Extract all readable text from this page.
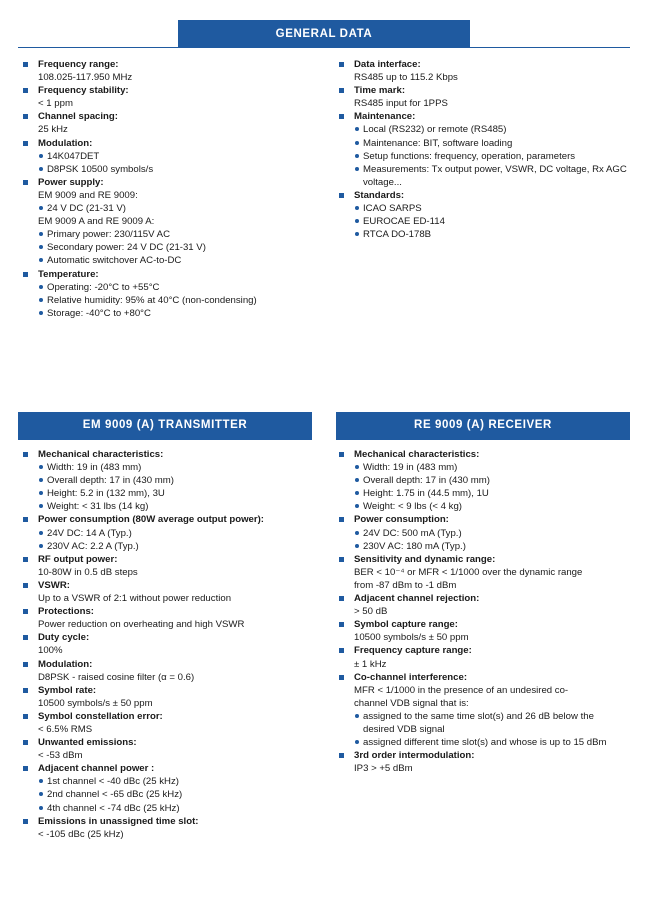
GENERAL DATA
Frequency range:
108.025-117.950 MHz
Frequency stability:
< 1 ppm
Channel spacing:
25 kHz
Modulation:
14K047DET
D8PSK 10500 symbols/s
Power supply:
EM 9009 and RE 9009:
24 V DC (21-31 V)
EM 9009 A and RE 9009 A:
Primary power: 230/115V AC
Secondary power: 24 V DC (21-31 V)
Automatic switchover AC-to-DC
Temperature:
Operating: -20°C to +55°C
Relative humidity: 95% at 40°C (non-condensing)
Storage: -40°C to +80°C
Data interface:
RS485 up to 115.2 Kbps
Time mark:
RS485 input for 1PPS
Maintenance:
Local (RS232) or remote (RS485)
Maintenance: BIT, software loading
Setup functions: frequency, operation, parameters
Measurements: Tx output power, VSWR, DC voltage, Rx AGC voltage...
Standards:
ICAO SARPS
EUROCAE ED-114
RTCA DO-178B
EM 9009 (A) TRANSMITTER
Mechanical characteristics:
Width: 19 in (483 mm)
Overall depth: 17 in (430 mm)
Height: 5.2 in (132 mm), 3U
Weight: < 31 lbs (14 kg)
Power consumption (80W average output power):
24V DC: 14 A (Typ.)
230V AC: 2.2 A (Typ.)
RF output power:
10-80W in 0.5 dB steps
VSWR:
Up to a VSWR of 2:1 without power reduction
Protections:
Power reduction on overheating and high VSWR
Duty cycle:
100%
Modulation:
D8PSK - raised cosine filter (α = 0.6)
Symbol rate:
10500 symbols/s ± 50 ppm
Symbol constellation error:
< 6.5% RMS
Unwanted emissions:
< -53 dBm
Adjacent channel power :
1st channel < -40 dBc (25 kHz)
2nd channel < -65 dBc (25 kHz)
4th channel < -74 dBc (25 kHz)
Emissions in unassigned time slot:
< -105 dBc (25 kHz)
RE 9009 (A) RECEIVER
Mechanical characteristics:
Width: 19 in (483 mm)
Overall depth: 17 in (430 mm)
Height: 1.75 in (44.5 mm), 1U
Weight: < 9 lbs (< 4 kg)
Power consumption:
24V DC: 500 mA (Typ.)
230V AC: 180 mA (Typ.)
Sensitivity and dynamic range:
BER < 10⁻⁴ or MFR < 1/1000 over the dynamic range
from -87 dBm to -1 dBm
Adjacent channel rejection:
> 50 dB
Symbol capture range:
10500 symbols/s ± 50 ppm
Frequency capture range:
± 1 kHz
Co-channel interference:
MFR < 1/1000 in the presence of an undesired co-
channel VDB signal that is:
assigned to the same time slot(s) and 26 dB below the desired VDB signal
assigned different time slot(s) and whose is up to 15 dBm
3rd order intermodulation:
IP3 > +5 dBm
